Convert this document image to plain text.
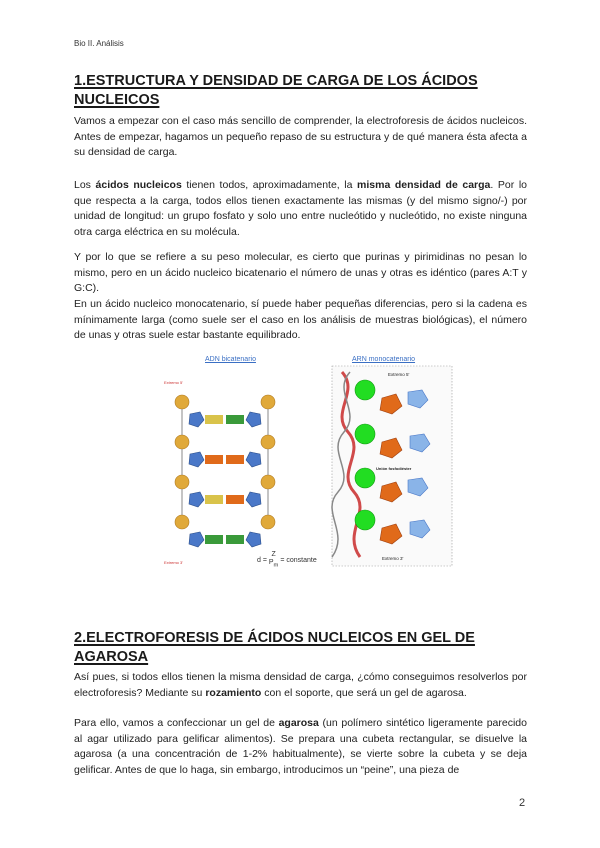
Bio II. Análisis
1.ESTRUCTURA Y DENSIDAD DE CARGA DE LOS ÁCIDOS
NUCLEICOS
Vamos a empezar con el caso más sencillo de comprender, la electroforesis de ácidos nucleicos. Antes de empezar, hagamos un pequeño repaso de su estructura y de qué manera ésta afecta a su densidad de carga.
Los ácidos nucleicos tienen todos, aproximadamente, la misma densidad de carga. Por lo que respecta a la carga, todos ellos tienen exactamente las mismas (y del mismo signo/-) por unidad de longitud: un grupo fosfato y solo uno entre nucleótido y nucleótido, no existe ninguna otra carga eléctrica en su molécula.
Y por lo que se refiere a su peso molecular, es cierto que purinas y pirimidinas no pesan lo mismo, pero en un ácido nucleico bicatenario el número de unas y otras es idéntico (pares A:T y G:C).
En un ácido nucleico monocatenario, sí puede haber pequeñas diferencias, pero si la cadena es mínimamente larga (como suele ser el caso en los análisis de muestras biológicas), el número de unas y otras suele estar bastante equilibrado.
ADN bicatenario	ARN monocatenario
Extremo 5'
Extremo 3'
Extremo 5'
Unión fosfodiéster
Extremo 3'
d = Z
$P_m$ = constante
2.ELECTROFORESIS DE ÁCIDOS NUCLEICOS EN GEL DE
AGAROSA
Así pues, si todos ellos tienen la misma densidad de carga, ¿cómo conseguimos resolverlos por electroforesis? Mediante su rozamiento con el soporte, que será un gel de agarosa.
Para ello, vamos a confeccionar un gel de agarosa (un polímero sintético ligeramente parecido al agar utilizado para gelificar alimentos). Se prepara una cubeta rectangular, se disuelve la agarosa (a una concentración de 1-2% habitualmente), se vierte sobre la cubeta y se deja gelificar. Antes de que lo haga, sin embargo, introducimos un “peine”, una pieza de
2
